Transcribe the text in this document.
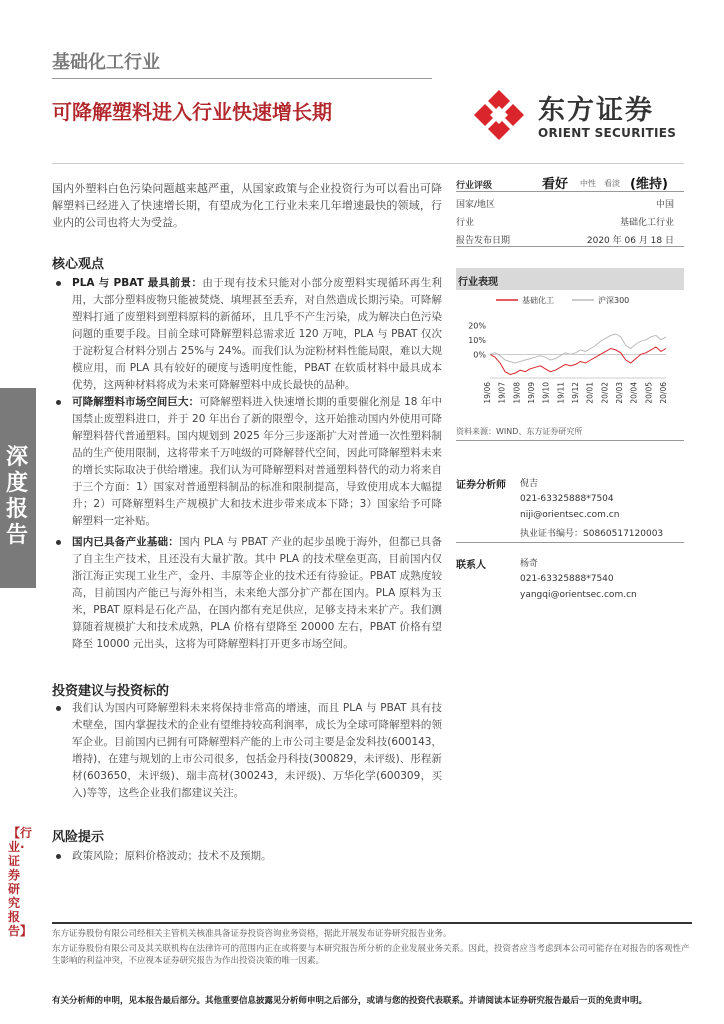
深度报告
【行业·证券研究报告】
基础化工行业
可降解塑料进入行业快速增长期	东方证券
ORIENT SECURITIES
国内外塑料白色污染问题越来越严重，从国家政策与企业投资行为可以看出可降解塑料已经进入了快速增长期，有望成为化工行业未来几年增速最快的领域，行业内的公司也将大为受益。
核心观点
PLA 与 PBAT 最具前景：由于现有技术只能对小部分废塑料实现循环再生利用，大部分塑料废物只能被焚烧、填埋甚至丢弃，对自然造成长期污染。可降解塑料打通了废塑料到塑料原料的新循环，且几乎不产生污染，成为解决白色污染问题的重要手段。目前全球可降解塑料总需求近 120 万吨，PLA 与 PBAT 仅次于淀粉复合材料分别占 25%与 24%。而我们认为淀粉材料性能局限，难以大规模应用，而 PLA 具有较好的硬度与透明度性能，PBAT 在软质材料中最具成本优势，这两种材料将成为未来可降解塑料中成长最快的品种。
可降解塑料市场空间巨大：可降解塑料进入快速增长期的重要催化剂是 18 年中国禁止废塑料进口，并于 20 年出台了新的限塑令，这开始推动国内外使用可降解塑料替代普通塑料。国内规划到 2025 年分三步逐渐扩大对普通一次性塑料制品的生产使用限制，这将带来千万吨级的可降解替代空间，因此可降解塑料未来的增长实际取决于供给增速。我们认为可降解塑料对普通塑料替代的动力将来自于三个方面：1）国家对普通塑料制品的标准和限制提高，导致使用成本大幅提升；2）可降解塑料生产规模扩大和技术进步带来成本下降；3）国家给予可降解塑料一定补贴。
国内已具备产业基础：国内 PLA 与 PBAT 产业的起步虽晚于海外，但都已具备了自主生产技术，且还没有大量扩散。其中 PLA 的技术壁垒更高，目前国内仅浙江海正实现工业生产，金丹、丰原等企业的技术还有待验证。PBAT 成熟度较高，目前国内产能已与海外相当，未来绝大部分扩产都在国内。PLA 原料为玉米，PBAT 原料是石化产品，在国内都有充足供应，足够支持未来扩产。我们测算随着规模扩大和技术成熟，PLA 价格有望降至 20000 左右，PBAT 价格有望降至 10000 元出头，这将为可降解塑料打开更多市场空间。
投资建议与投资标的
我们认为国内可降解塑料未来将保持非常高的增速，而且 PLA 与 PBAT 具有技术壁垒，国内掌握技术的企业有望维持较高利润率，成长为全球可降解塑料的领军企业。目前国内已拥有可降解塑料产能的上市公司主要是金发科技(600143，增持)，在建与规划的上市公司很多，包括金丹科技(300829，未评级)、彤程新材(603650，未评级)、瑞丰高材(300243，未评级)、万华化学(600309，买入)等等，这些企业我们都建议关注。
风险提示
政策风险；原料价格波动；技术不及预期。
行业评级	看好 中性 看淡 (维持)
国家/地区	中国
行业	基础化工行业
报告发布日期	2020 年 06 月 18 日
行业表现
基础化工	沪深300
20%
10%
0%
19/06 19/07 19/08 19/09 19/10 19/11 19/12 20/01 20/02 20/03 20/04 20/05 20/06
资料来源：WIND、东方证券研究所
证券分析师 倪吉
021-63325888*7504
niji@orientsec.com.cn
执业证书编号：S0860517120003
联系人	杨奇
021-63325888*7540
yangqi@orientsec.com.cn
东方证券股份有限公司经相关主管机关核准具备证券投资咨询业务资格，据此开展发布证券研究报告业务。
东方证券股份有限公司及其关联机构在法律许可的范围内正在或将要与本研究报告所分析的企业发展业务关系。因此，投资者应当考虑到本公司可能存在对报告的客观性产生影响的利益冲突，不应视本证券研究报告为作出投资决策的唯一因素。
有关分析师的申明，见本报告最后部分。其他重要信息披露见分析师申明之后部分，或请与您的投资代表联系。并请阅读本证券研究报告最后一页的免责申明。
